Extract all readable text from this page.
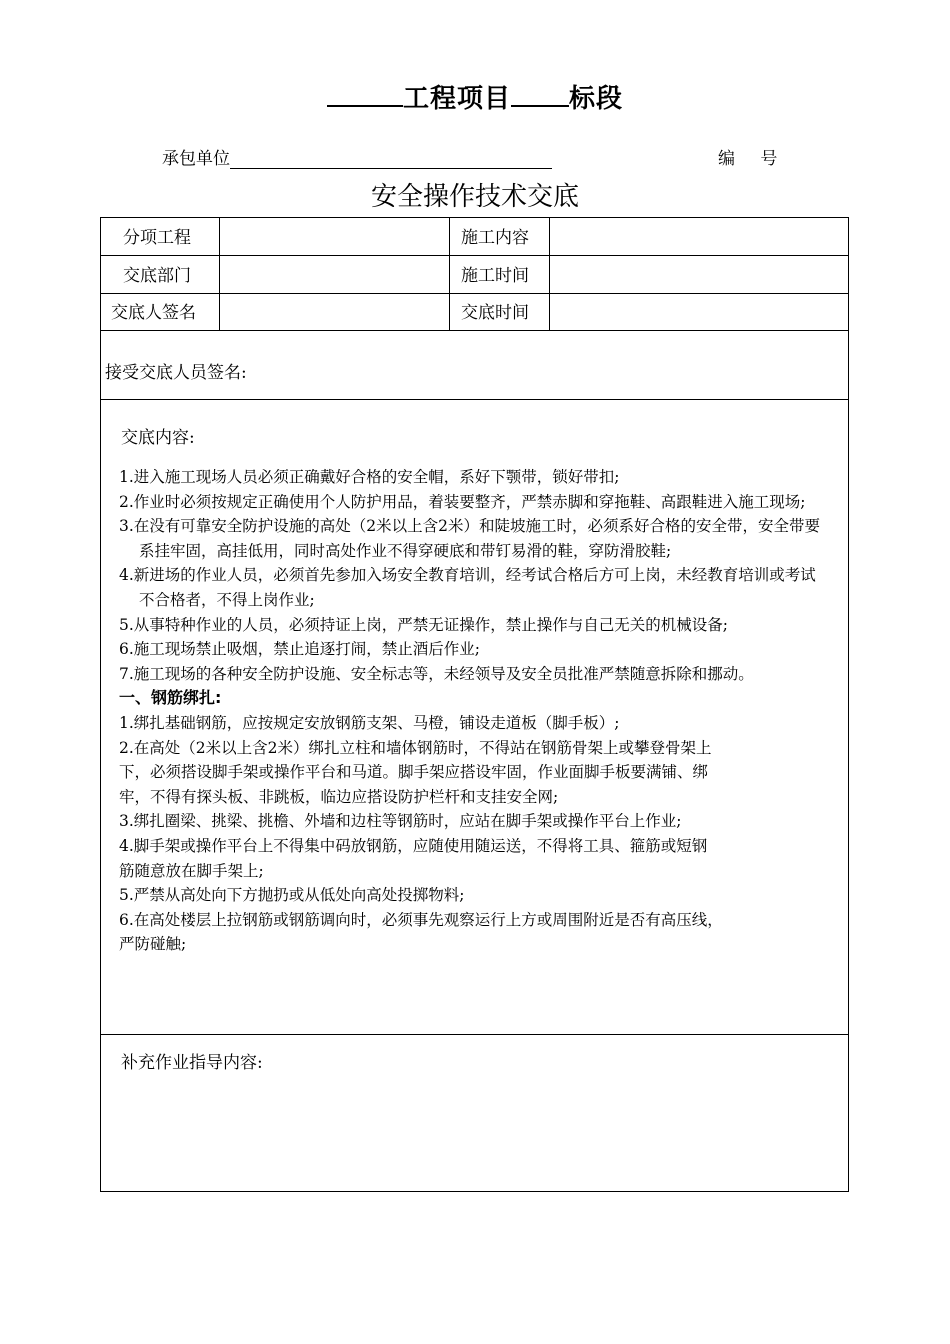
工程项目 标段
承包单位	编 号
安全操作技术交底
分项工程	施工内容
交底部门	施工时间
交底人签名	交底时间
接受交底人员签名:
交底内容:

1.进入施工现场人员必须正确戴好合格的安全帽，系好下颚带，锁好带扣;

2.作业时必须按规定正确使用个人防护用品，着装要整齐，严禁赤脚和穿拖鞋、高跟鞋进入施工现场;

3.在没有可靠安全防护设施的高处（2米以上含2米）和陡坡施工时，必须系好合格的安全带，安全带要系挂牢固，高挂低用，同时高处作业不得穿硬底和带钉易滑的鞋，穿防滑胶鞋;

4.新进场的作业人员，必须首先参加入场安全教育培训，经考试合格后方可上岗，未经教育培训或考试不合格者，不得上岗作业;

5.从事特种作业的人员，必须持证上岗，严禁无证操作，禁止操作与自己无关的机械设备;

6.施工现场禁止吸烟，禁止追逐打闹，禁止酒后作业;

7.施工现场的各种安全防护设施、安全标志等，未经领导及安全员批准严禁随意拆除和挪动。

一、钢筋绑扎:

1.绑扎基础钢筋，应按规定安放钢筋支架、马橙，铺设走道板（脚手板）;

2.在高处（2米以上含2米）绑扎立柱和墙体钢筋时，不得站在钢筋骨架上或攀登骨架上

下，必须搭设脚手架或操作平台和马道。脚手架应搭设牢固，作业面脚手板要满铺、绑

牢，不得有探头板、非跳板，临边应搭设防护栏杆和支挂安全网;

3.绑扎圈梁、挑梁、挑檐、外墙和边柱等钢筋时，应站在脚手架或操作平台上作业;

4.脚手架或操作平台上不得集中码放钢筋，应随使用随运送，不得将工具、箍筋或短钢

筋随意放在脚手架上;

5.严禁从高处向下方抛扔或从低处向高处投掷物料;

6.在高处楼层上拉钢筋或钢筋调向时，必须事先观察运行上方或周围附近是否有高压线，

严防碰触;

补充作业指导内容:
